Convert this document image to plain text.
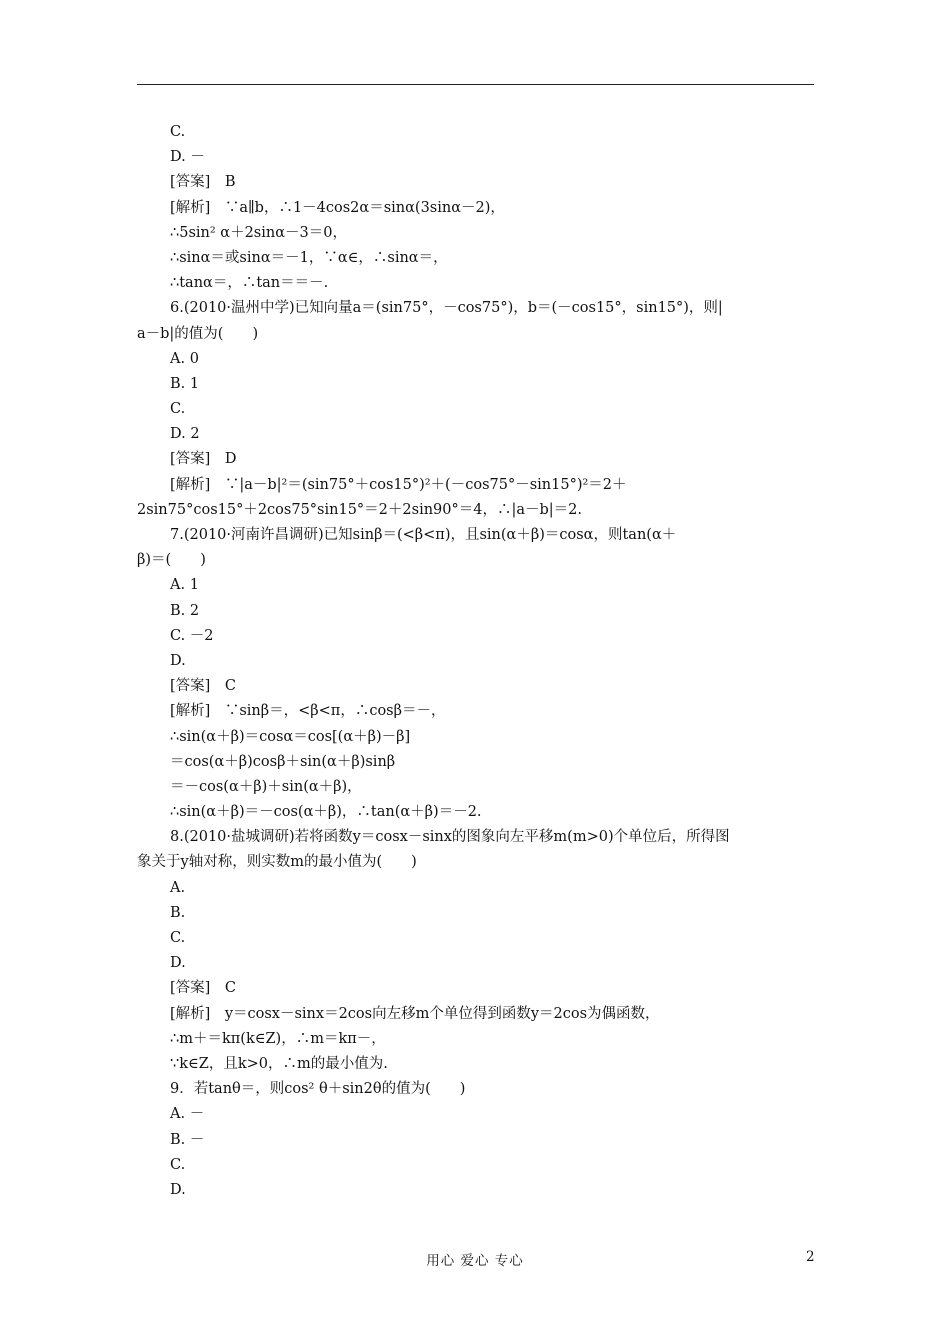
C.
D. －
[答案]　B
[解析]　∵a∥b，∴1－4cos2α＝sinα(3sinα－2)，
∴5sin² α＋2sinα－3＝0，
∴sinα＝或sinα＝－1，∵α∈，∴sinα＝，
∴tanα＝，∴tan＝＝－.
6.(2010·温州中学)已知向量a＝(sin75°，－cos75°)，b＝(－cos15°，sin15°)，则|
a－b|的值为(　　)
A. 0
B. 1
C.
D. 2
[答案]　D
[解析]　∵|a－b|²＝(sin75°＋cos15°)²＋(－cos75°－sin15°)²＝2＋
2sin75°cos15°＋2cos75°sin15°＝2＋2sin90°＝4，∴|a－b|＝2.
7.(2010·河南许昌调研)已知sinβ＝(<β<π)，且sin(α＋β)＝cosα，则tan(α＋
β)＝(　　)
A. 1
B. 2
C. －2
D.
[答案]　C
[解析]　∵sinβ＝，<β<π，∴cosβ＝－，
∴sin(α＋β)＝cosα＝cos[(α＋β)－β]
＝cos(α＋β)cosβ＋sin(α＋β)sinβ
＝－cos(α＋β)＋sin(α＋β)，
∴sin(α＋β)＝－cos(α＋β)，∴tan(α＋β)＝－2.
8.(2010·盐城调研)若将函数y＝cosx－sinx的图象向左平移m(m>0)个单位后，所得图
象关于y轴对称，则实数m的最小值为(　　)
A.
B.
C.
D.
[答案]　C
[解析]　y＝cosx－sinx＝2cos向左移m个单位得到函数y＝2cos为偶函数，
∴m＋＝kπ(k∈Z)，∴m＝kπ－，
∵k∈Z，且k>0，∴m的最小值为.
9．若tanθ＝，则cos² θ＋sin2θ的值为(　　)
A. －
B. －
C.
D.
用心 爱心 专心	2
